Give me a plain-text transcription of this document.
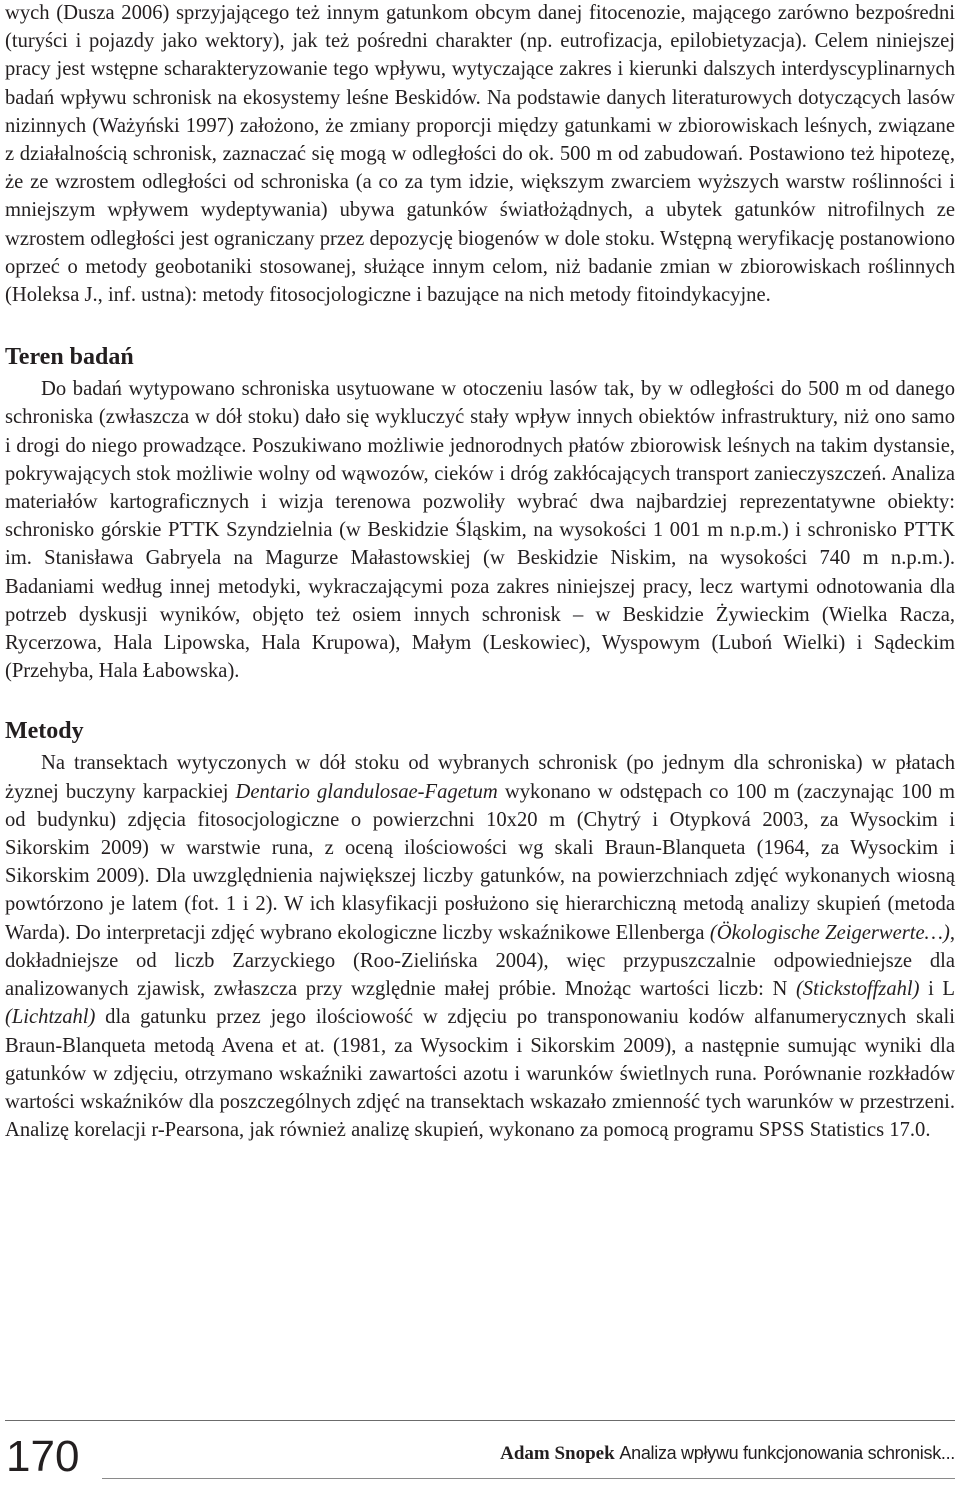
wych (Dusza 2006) sprzyjającego też innym gatunkom obcym danej fitocenozie, mającego zarówno bezpośredni (turyści i pojazdy jako wektory), jak też pośredni charakter (np. eutrofizacja, epilobietyzacja). Celem niniejszej pracy jest wstępne scharakteryzowanie tego wpływu, wytyczające zakres i kierunki dalszych interdyscyplinarnych badań wpływu schronisk na ekosystemy leśne Beskidów. Na podstawie danych literaturowych dotyczących lasów nizinnych (Ważyński 1997) założono, że zmiany proporcji między gatunkami w zbiorowiskach leśnych, związane z działalnością schronisk, zaznaczać się mogą w odległości do ok. 500 m od zabudowań. Postawiono też hipotezę, że ze wzrostem odległości od schroniska (a co za tym idzie, większym zwarciem wyższych warstw roślinności i mniejszym wpływem wydeptywania) ubywa gatunków światłożądnych, a ubytek gatunków nitrofilnych ze wzrostem odległości jest ograniczany przez depozycję biogenów w dole stoku. Wstępną weryfikację postanowiono oprzeć o metody geobotaniki stosowanej, służące innym celom, niż badanie zmian w zbiorowiskach roślinnych (Holeksa J., inf. ustna): metody fitosocjologiczne i bazujące na nich metody fitoindykacyjne.

Teren badań

Do badań wytypowano schroniska usytuowane w otoczeniu lasów tak, by w odległości do 500 m od danego schroniska (zwłaszcza w dół stoku) dało się wykluczyć stały wpływ innych obiektów infrastruktury, niż ono samo i drogi do niego prowadzące. Poszukiwano możliwie jednorodnych płatów zbiorowisk leśnych na takim dystansie, pokrywających stok możliwie wolny od wąwozów, cieków i dróg zakłócających transport zanieczyszczeń. Analiza materiałów kartograficznych i wizja terenowa pozwoliły wybrać dwa najbardziej reprezentatywne obiekty: schronisko górskie PTTK Szyndzielnia (w Beskidzie Śląskim, na wysokości 1 001 m n.p.m.) i schronisko PTTK im. Stanisława Gabryela na Magurze Małastowskiej (w Beskidzie Niskim, na wysokości 740 m n.p.m.). Badaniami według innej metodyki, wykraczającymi poza zakres niniejszej pracy, lecz wartymi odnotowania dla potrzeb dyskusji wyników, objęto też osiem innych schronisk – w Beskidzie Żywieckim (Wielka Racza, Rycerzowa, Hala Lipowska, Hala Krupowa), Małym (Leskowiec), Wyspowym (Luboń Wielki) i Sądeckim (Przehyba, Hala Łabowska).

Metody

Na transektach wytyczonych w dół stoku od wybranych schronisk (po jednym dla schroniska) w płatach żyznej buczyny karpackiej Dentario glandulosae-Fagetum wykonano w odstępach co 100 m (zaczynając 100 m od budynku) zdjęcia fitosocjologiczne o powierzchni 10x20 m (Chytrý i Otypková 2003, za Wysockim i Sikorskim 2009) w warstwie runa, z oceną ilościowości wg skali Braun-Blanqueta (1964, za Wysockim i Sikorskim 2009). Dla uwzględnienia największej liczby gatunków, na powierzchniach zdjęć wykonanych wiosną powtórzono je latem (fot. 1 i 2). W ich klasyfikacji posłużono się hierarchiczną metodą analizy skupień (metoda Warda). Do interpretacji zdjęć wybrano ekologiczne liczby wskaźnikowe Ellenberga (Ökologische Zeigerwerte…), dokładniejsze od liczb Zarzyckiego (Roo-Zielińska 2004), więc przypuszczalnie odpowiedniejsze dla analizowanych zjawisk, zwłaszcza przy względnie małej próbie. Mnożąc wartości liczb: N (Stickstoffzahl) i L (Lichtzahl) dla gatunku przez jego ilościowość w zdjęciu po transponowaniu kodów alfanumerycznych skali Braun-Blanqueta metodą Avena et at. (1981, za Wysockim i Sikorskim 2009), a następnie sumując wyniki dla gatunków w zdjęciu, otrzymano wskaźniki zawartości azotu i warunków świetlnych runa. Porównanie rozkładów wartości wskaźników dla poszczególnych zdjęć na transektach wskazało zmienność tych warunków w przestrzeni. Analizę korelacji r-Pearsona, jak również analizę skupień, wykonano za pomocą programu SPSS Statistics 17.0.

170	Adam Snopek Analiza wpływu funkcjonowania schronisk...
